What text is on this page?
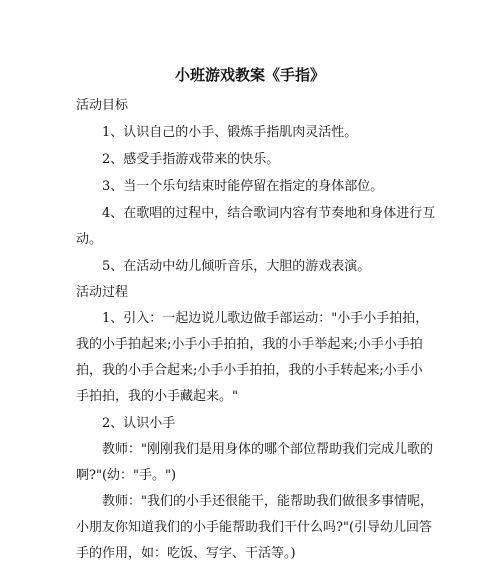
小班游戏教案《手指》
活动目标
1、认识自己的小手、锻炼手指肌肉灵活性。
2、感受手指游戏带来的快乐。
3、当一个乐句结束时能停留在指定的身体部位。
4、在歌唱的过程中，结合歌词内容有节奏地和身体进行互
动。
5、在活动中幼儿倾听音乐，大胆的游戏表演。
活动过程
1、引入：一起边说儿歌边做手部运动："小手小手拍拍，
我的小手拍起来;小手小手拍拍，我的小手举起来;小手小手拍
拍，我的小手合起来;小手小手拍拍，我的小手转起来;小手小
手拍拍，我的小手藏起来。"
2、认识小手
教师："刚刚我们是用身体的哪个部位帮助我们完成儿歌的
啊?"(幼："手。")
教师："我们的小手还很能干，能帮助我们做很多事情呢，
小朋友你知道我们的小手能帮助我们干什么吗?"(引导幼儿回答
手的作用，如：吃饭、写字、干活等。)
